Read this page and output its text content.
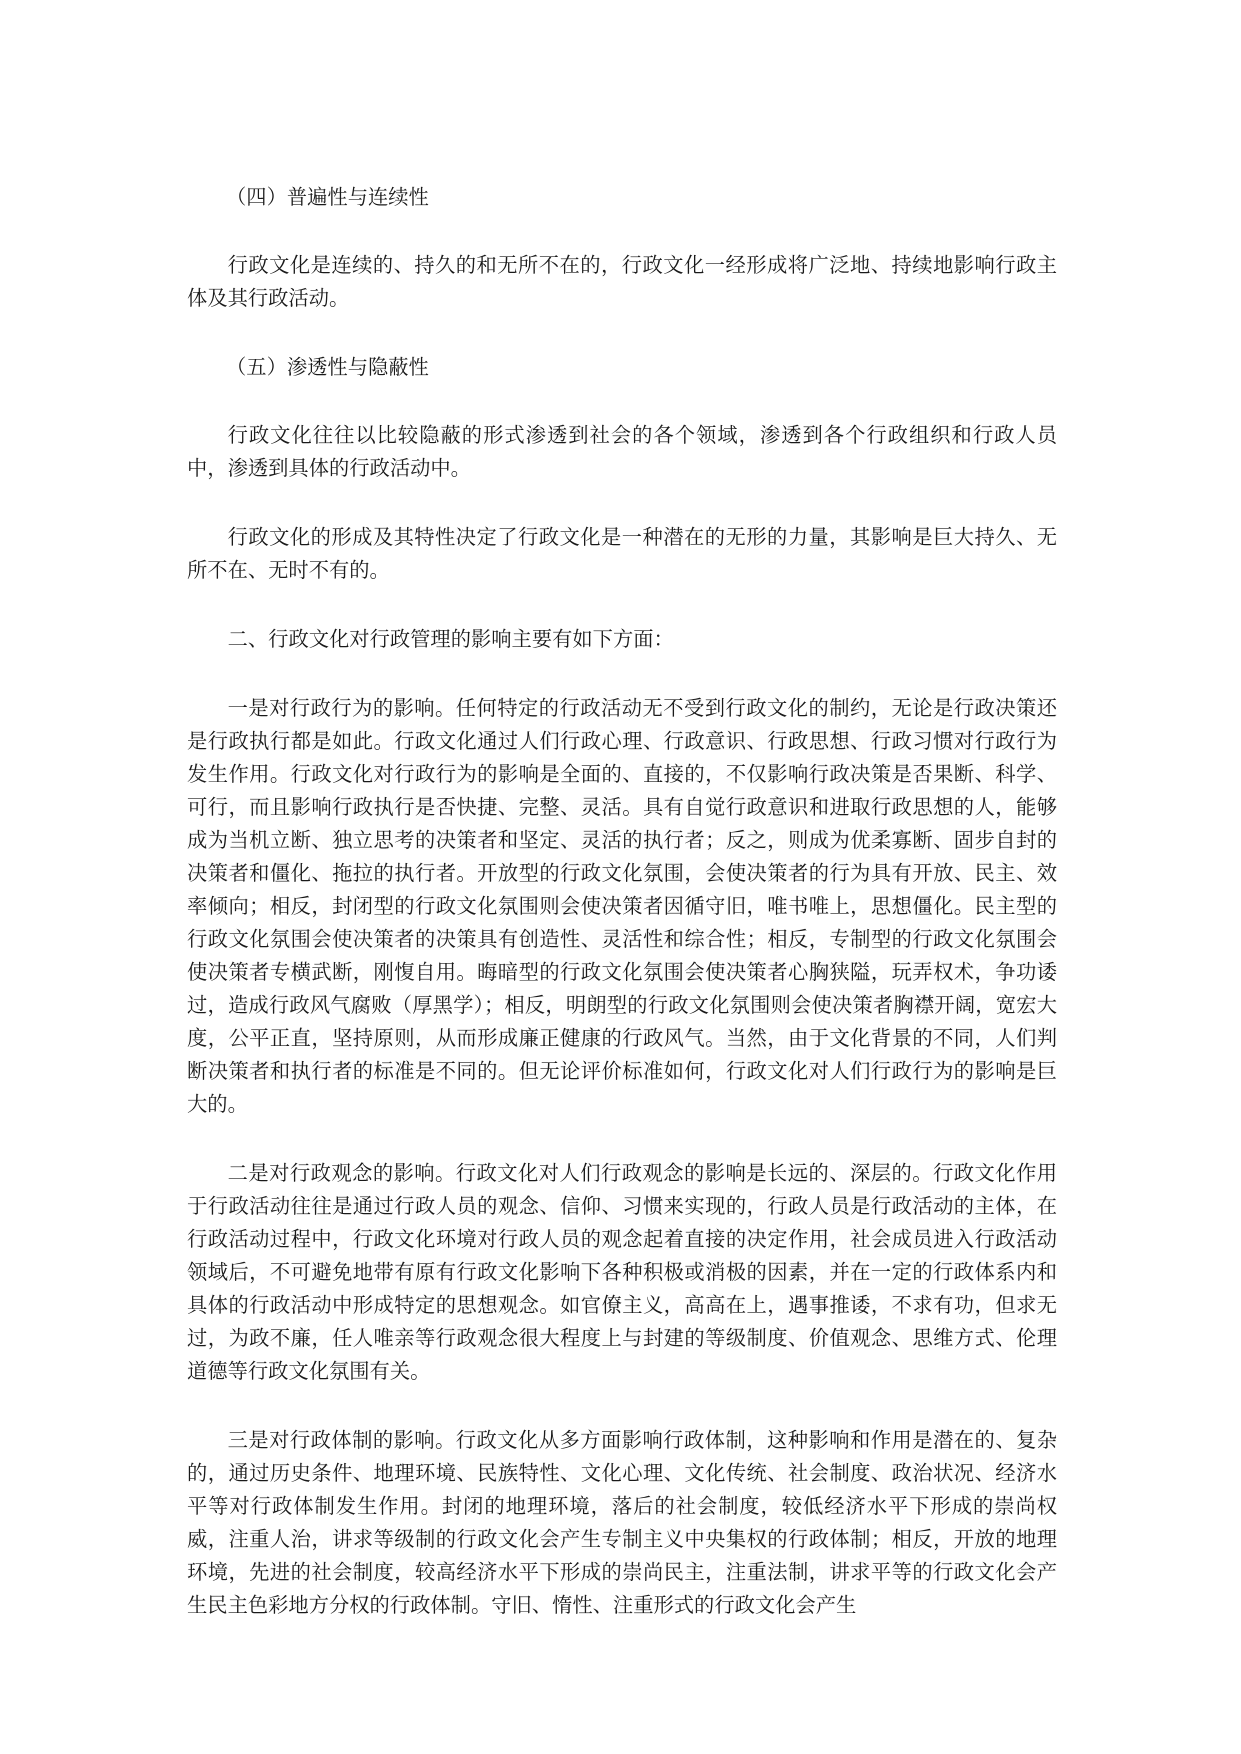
（四）普遍性与连续性

行政文化是连续的、持久的和无所不在的，行政文化一经形成将广泛地、持续地影响行政主体及其行政活动。

（五）渗透性与隐蔽性

行政文化往往以比较隐蔽的形式渗透到社会的各个领域，渗透到各个行政组织和行政人员中，渗透到具体的行政活动中。

行政文化的形成及其特性决定了行政文化是一种潜在的无形的力量，其影响是巨大持久、无所不在、无时不有的。

二、行政文化对行政管理的影响主要有如下方面：

一是对行政行为的影响。任何特定的行政活动无不受到行政文化的制约，无论是行政决策还是行政执行都是如此。行政文化通过人们行政心理、行政意识、行政思想、行政习惯对行政行为发生作用。行政文化对行政行为的影响是全面的、直接的，不仅影响行政决策是否果断、科学、可行，而且影响行政执行是否快捷、完整、灵活。具有自觉行政意识和进取行政思想的人，能够成为当机立断、独立思考的决策者和坚定、灵活的执行者；反之，则成为优柔寡断、固步自封的决策者和僵化、拖拉的执行者。开放型的行政文化氛围，会使决策者的行为具有开放、民主、效率倾向；相反，封闭型的行政文化氛围则会使决策者因循守旧，唯书唯上，思想僵化。民主型的行政文化氛围会使决策者的决策具有创造性、灵活性和综合性；相反，专制型的行政文化氛围会使决策者专横武断，刚愎自用。晦暗型的行政文化氛围会使决策者心胸狭隘，玩弄权术，争功诿过，造成行政风气腐败（厚黑学）；相反，明朗型的行政文化氛围则会使决策者胸襟开阔，宽宏大度，公平正直，坚持原则，从而形成廉正健康的行政风气。当然，由于文化背景的不同，人们判断决策者和执行者的标准是不同的。但无论评价标准如何，行政文化对人们行政行为的影响是巨大的。

二是对行政观念的影响。行政文化对人们行政观念的影响是长远的、深层的。行政文化作用于行政活动往往是通过行政人员的观念、信仰、习惯来实现的，行政人员是行政活动的主体，在行政活动过程中，行政文化环境对行政人员的观念起着直接的决定作用，社会成员进入行政活动领域后，不可避免地带有原有行政文化影响下各种积极或消极的因素，并在一定的行政体系内和具体的行政活动中形成特定的思想观念。如官僚主义，高高在上，遇事推诿，不求有功，但求无过，为政不廉，任人唯亲等行政观念很大程度上与封建的等级制度、价值观念、思维方式、伦理道德等行政文化氛围有关。

三是对行政体制的影响。行政文化从多方面影响行政体制，这种影响和作用是潜在的、复杂的，通过历史条件、地理环境、民族特性、文化心理、文化传统、社会制度、政治状况、经济水平等对行政体制发生作用。封闭的地理环境，落后的社会制度，较低经济水平下形成的崇尚权威，注重人治，讲求等级制的行政文化会产生专制主义中央集权的行政体制；相反，开放的地理环境，先进的社会制度，较高经济水平下形成的崇尚民主，注重法制，讲求平等的行政文化会产生民主色彩地方分权的行政体制。守旧、惰性、注重形式的行政文化会产生
